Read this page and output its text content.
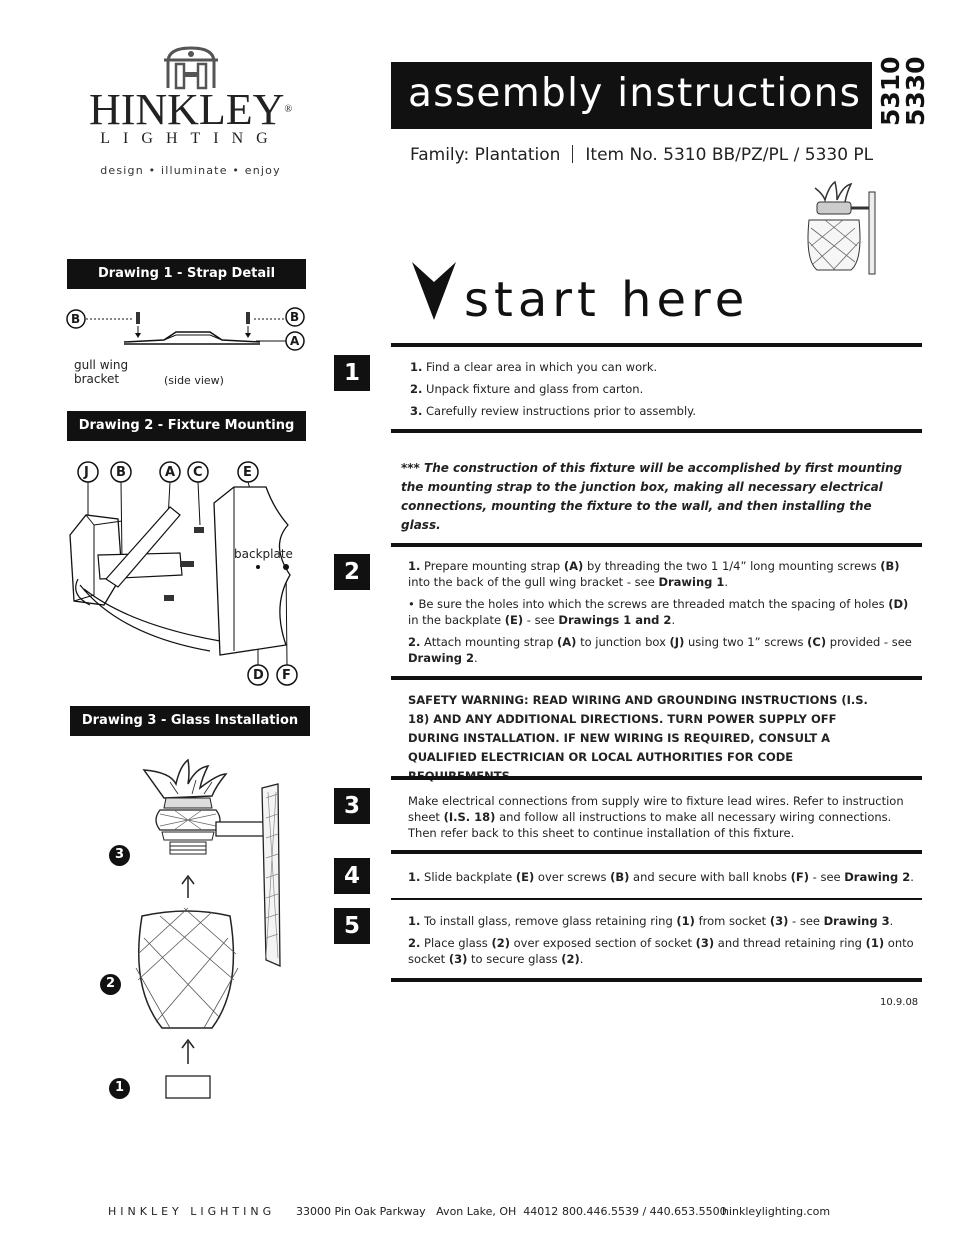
HINKLEY®
LIGHTING
design • illuminate • enjoy
assembly instructions 5310
5330
Family: Plantation Item No. 5310 BB/PZ/PL / 5330 PL
Drawing 1 - Strap Detail
B	B
A
gull wing
bracket	(side view)
Drawing 2 - Fixture Mounting
J B	A C	E
D F
backplate
Drawing 3 - Glass Installation
3
2
1
start here
1	1. Find a clear area in which you can work.

2. Unpack fixture and glass from carton.

3. Carefully review instructions prior to assembly.

*** The construction of this fixture will be accomplished by first mounting the mounting strap to the junction box, making all necessary electrical connections, mounting the fixture to the wall, and then installing the glass.
2	1. Prepare mounting strap (A) by threading the two 1 1/4” long mounting screws (B) into the back of the gull wing bracket - see Drawing 1.

• Be sure the holes into which the screws are threaded match the spacing of holes (D) in the backplate (E) - see Drawings 1 and 2.

2. Attach mounting strap (A) to junction box (J) using two 1” screws (C) provided - see Drawing 2.

SAFETY WARNING: READ WIRING AND GROUNDING INSTRUCTIONS (I.S. 18) AND ANY ADDITIONAL DIRECTIONS. TURN POWER SUPPLY OFF DURING INSTALLATION. IF NEW WIRING IS REQUIRED, CONSULT A QUALIFIED ELECTRICIAN OR LOCAL AUTHORITIES FOR CODE
3	Make electrical connections from supply wire to fixture lead wires. Refer to instruction sheet (I.S. 18) and follow all instructions to make all necessary wiring connections. Then refer back to this sheet to continue installation of this fixture.
4	1. Slide backplate (E) over screws (B) and secure with ball knobs (F) - see Drawing 2.
5	1. To install glass, remove glass retaining ring (1) from socket (3) - see Drawing 3.

2. Place glass (2) over exposed section of socket (3) and thread retaining ring (1) onto socket (3) to secure glass (2).

10.9.08
HINKLEY LIGHTING 33000 Pin Oak Parkway   Avon Lake, OH  44012 800.446.5539 / 440.653.5500
hinkleylighting.com
